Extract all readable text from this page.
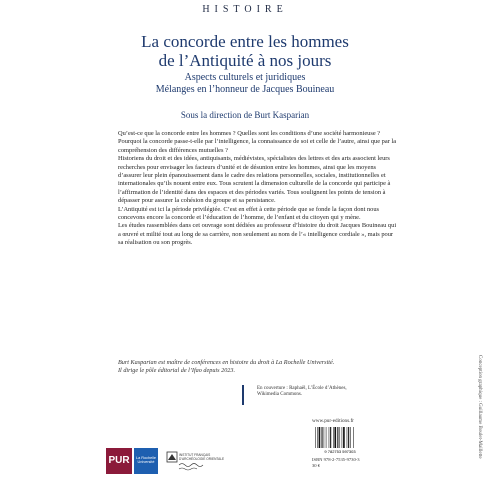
HISTOIRE
La concorde entre les hommes
de l’Antiquité à nos jours
Aspects culturels et juridiques
Mélanges en l’honneur de Jacques Bouineau
Sous la direction de Burt Kasparian

Qu’est-ce que la concorde entre les hommes ? Quelles sont les conditions d’une société harmonieuse ? Pourquoi la concorde passe-t-elle par l’intelligence, la connaissance de soi et celle de l’autre, ainsi que par la compréhension des différences mutuelles ?

Historiens du droit et des idées, antiquisants, médiévistes, spécialistes des lettres et des arts associent leurs recherches pour envisager les facteurs d’unité et de désunion entre les hommes, ainsi que les moyens d’assurer leur plein épanouissement dans le cadre des relations personnelles, sociales, institutionnelles et internationales qu’ils nouent entre eux. Tous scrutent la dimension culturelle de la concorde qui participe à l’affirmation de l’identité dans des espaces et des périodes variés. Tous soulignent les points de tension à dépasser pour assurer la cohésion du groupe et sa persistance.

L’Antiquité est ici la période privilégiée. C’est en effet à cette période que se fonde la façon dont nous concevons encore la concorde et l’éducation de l’homme, de l’enfant et du citoyen qui y mène.

Les études rassemblées dans cet ouvrage sont dédiées au professeur d’histoire du droit Jacques Bouineau qui a œuvré et milité tout au long de sa carrière, non seulement au nom de l’« intelligence cordiale », mais pour sa réalisation ou son progrès.

Burt Kasparian est maître de conférences en histoire du droit à La Rochelle Université.

Il dirige le pôle éditorial de l’Ifao depuis 2023.

En couverture : Raphaël, L’École d’Athènes, Wikimedia Commons.
www.pur-editions.fr
9 782753 597303
ISBN 978-2-7535-9730-3
30 €
Conception graphique : Guillaume Boulet-Maillette
PUR	La Rochelle
Université
INSTITUT FRANÇAIS
D’ARCHÉOLOGIE ORIENTALE
